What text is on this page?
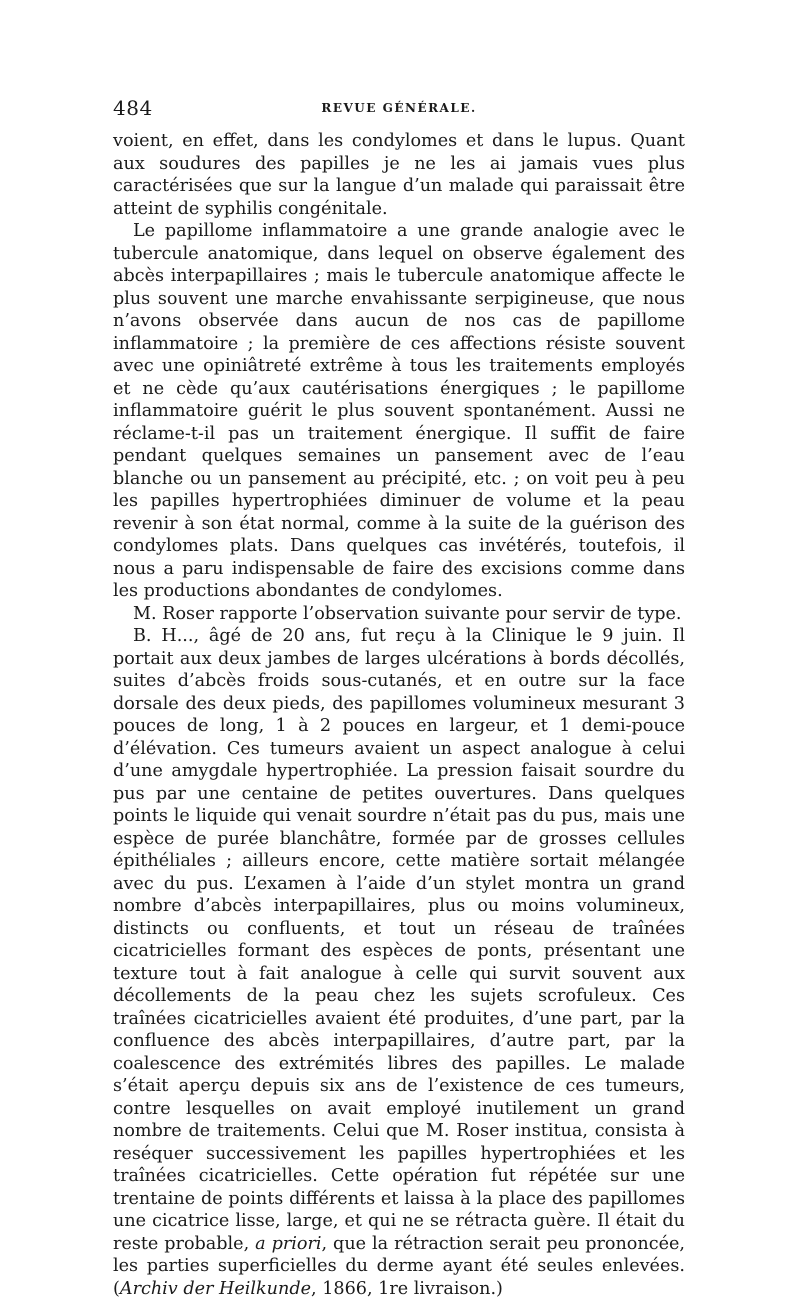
484	REVUE GÉNÉRALE.

voient, en effet, dans les condylomes et dans le lupus. Quant aux soudures des papilles je ne les ai jamais vues plus caractérisées que sur la langue d’un malade qui paraissait être atteint de syphilis congénitale.

Le papillome inflammatoire a une grande analogie avec le tubercule anatomique, dans lequel on observe également des abcès interpapillaires ; mais le tubercule anatomique affecte le plus souvent une marche envahissante serpigineuse, que nous n’avons observée dans aucun de nos cas de papillome inflammatoire ; la première de ces affections résiste souvent avec une opiniâtreté extrême à tous les traitements employés et ne cède qu’aux cautérisations énergiques ; le papillome inflammatoire guérit le plus souvent spontanément. Aussi ne réclame-t-il pas un traitement énergique. Il suffit de faire pendant quelques semaines un pansement avec de l’eau blanche ou un pansement au précipité, etc. ; on voit peu à peu les papilles hypertrophiées diminuer de volume et la peau revenir à son état normal, comme à la suite de la guérison des condylomes plats. Dans quelques cas invétérés, toutefois, il nous a paru indispensable de faire des excisions comme dans les productions abondantes de condylomes.

M. Roser rapporte l’observation suivante pour servir de type.

B. H..., âgé de 20 ans, fut reçu à la Clinique le 9 juin. Il portait aux deux jambes de larges ulcérations à bords décollés, suites d’abcès froids sous-cutanés, et en outre sur la face dorsale des deux pieds, des papillomes volumineux mesurant 3 pouces de long, 1 à 2 pouces en largeur, et 1 demi-pouce d’élévation. Ces tumeurs avaient un aspect analogue à celui d’une amygdale hypertrophiée. La pression faisait sourdre du pus par une centaine de petites ouvertures. Dans quelques points le liquide qui venait sourdre n’était pas du pus, mais une espèce de purée blanchâtre, formée par de grosses cellules épithéliales ; ailleurs encore, cette matière sortait mélangée avec du pus. L’examen à l’aide d’un stylet montra un grand nombre d’abcès interpapillaires, plus ou moins volumineux, distincts ou confluents, et tout un réseau de traînées cicatricielles formant des espèces de ponts, présentant une texture tout à fait analogue à celle qui survit souvent aux décollements de la peau chez les sujets scrofuleux. Ces traînées cicatricielles avaient été produites, d’une part, par la confluence des abcès interpapillaires, d’autre part, par la coalescence des extrémités libres des papilles. Le malade s’était aperçu depuis six ans de l’existence de ces tumeurs, contre lesquelles on avait employé inutilement un grand nombre de traitements. Celui que M. Roser institua, consista à reséquer successivement les papilles hypertrophiées et les traînées cicatricielles. Cette opération fut répétée sur une trentaine de points différents et laissa à la place des papillomes une cicatrice lisse, large, et qui ne se rétracta guère. Il était du reste probable, a priori, que la rétraction serait peu prononcée, les parties superficielles du derme ayant été seules enlevées. (Archiv der Heilkunde, 1866, 1re livraison.)
